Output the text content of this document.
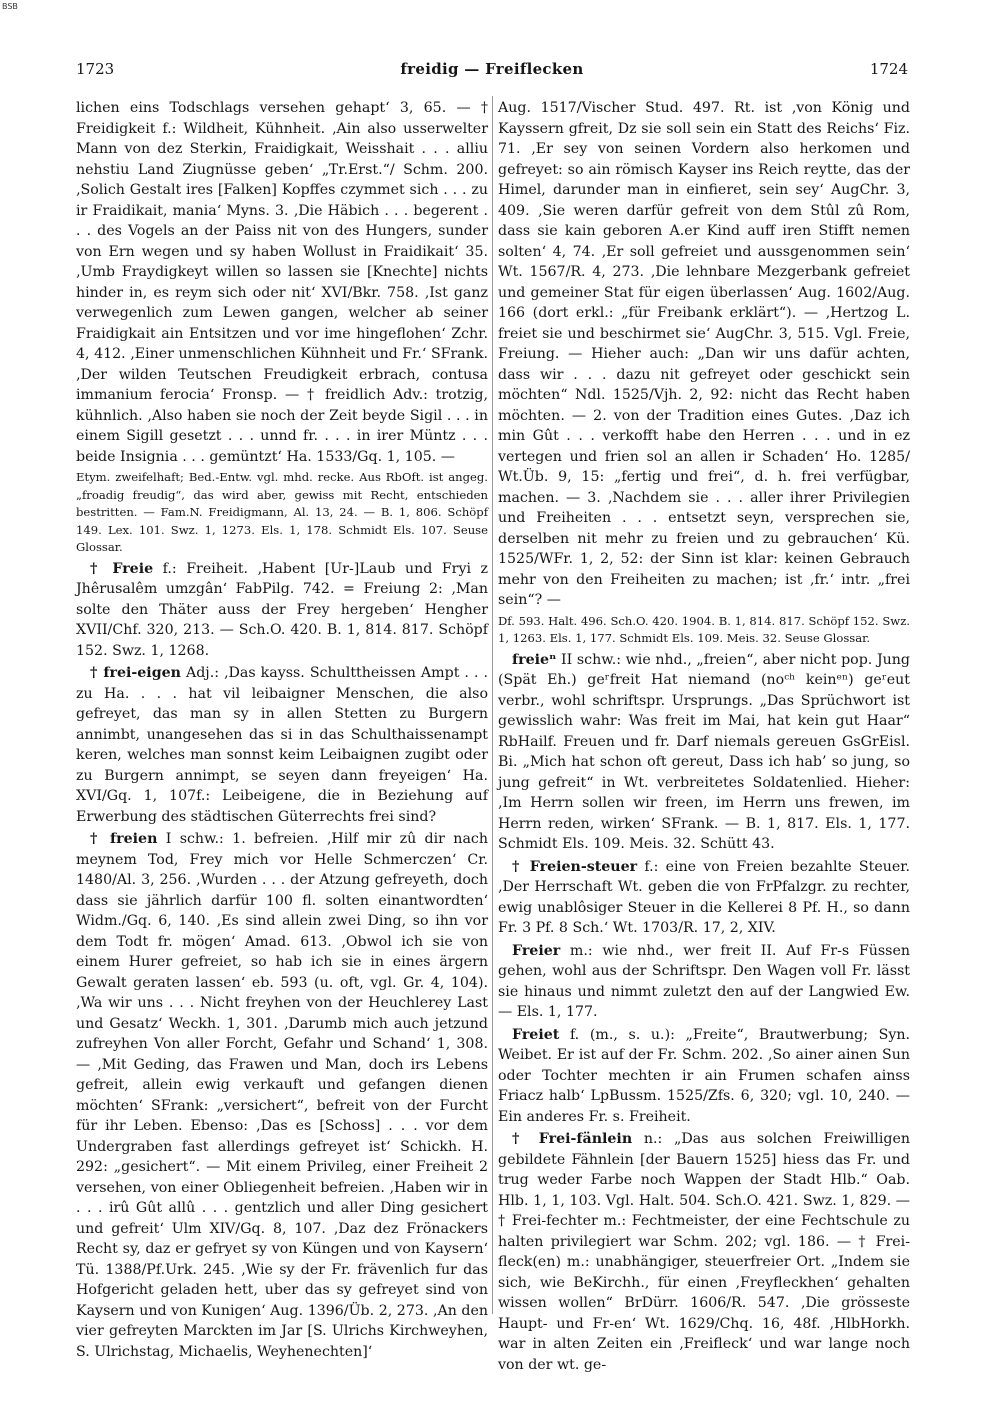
BSB
1723	freidig — Freiflecken	1724

lichen eins Todschlags versehen gehapt‘ 3, 65. — † Freidigkeit f.: Wildheit, Kühnheit. ‚Ain also usserwelter Mann von dez Sterkin, Fraidigkait, Weisshait . . . alliu nehstiu Land Ziugnüsse geben‘ „Tr.Erst.“/ Schm. 200. ‚Solich Gestalt ires [Falken] Kopffes czymmet sich . . . zu ir Fraidikait, mania‘ Myns. 3. ‚Die Häbich . . . begerent . . . des Vogels an der Paiss nit von des Hungers, sunder von Ern wegen und sy haben Wollust in Fraidikait‘ 35. ‚Umb Fraydigkeyt willen so lassen sie [Knechte] nichts hinder in, es reym sich oder nit‘ XVI/Bkr. 758. ‚Ist ganz verwegenlich zum Lewen gangen, welcher ab seiner Fraidigkait ain Entsitzen und vor ime hingeflohen‘ Zchr. 4, 412. ‚Einer unmenschlichen Kühnheit und Fr.‘ SFrank. ‚Der wilden Teutschen Freudigkeit erbrach, contusa immanium ferocia‘ Fronsp. — † freidlich Adv.: trotzig, kühnlich. ‚Also haben sie noch der Zeit beyde Sigil . . . in einem Sigill gesetzt . . . unnd fr. . . . in irer Müntz . . . beide Insignia . . . gemüntzt‘ Ha. 1533/Gq. 1, 105. —

Etym. zweifelhaft; Bed.-Entw. vgl. mhd. recke. Aus RbOft. ist angeg. „froadig freudig“, das wird aber, gewiss mit Recht, entschieden bestritten. — Fam.N. Freidigmann, Al. 13, 24. — B. 1, 806. Schöpf 149. Lex. 101. Swz. 1, 1273. Els. 1, 178. Schmidt Els. 107. Seuse Glossar.

† Freie f.: Freiheit. ‚Habent [Ur-]Laub und Fryi z Jhêrusalêm umzgân‘ FabPilg. 742. = Freiung 2: ‚Man solte den Thäter auss der Frey hergeben‘ Hengher XVII/Chf. 320, 213. — Sch.O. 420. B. 1, 814. 817. Schöpf 152. Swz. 1, 1268.

† frei-eigen Adj.: ‚Das kayss. Schulttheissen Ampt . . . zu Ha. . . . hat vil leibaigner Menschen, die also gefreyet, das man sy in allen Stetten zu Burgern annimbt, unangesehen das si in das Schulthaissenampt keren, welches man sonnst keim Leibaignen zugibt oder zu Burgern annimpt, se seyen dann freyeigen‘ Ha. XVI/Gq. 1, 107f.: Leibeigene, die in Beziehung auf Erwerbung des städtischen Güterrechts frei sind?

† freien I schw.: 1. befreien. ‚Hilf mir zû dir nach meynem Tod, Frey mich vor Helle Schmerczen‘ Cr. 1480/Al. 3, 256. ‚Wurden . . . der Atzung gefreyeth, doch dass sie jährlich darfür 100 fl. solten einantwordten‘ Widm./Gq. 6, 140. ‚Es sind allein zwei Ding, so ihn vor dem Todt fr. mögen‘ Amad. 613. ‚Obwol ich sie von einem Hurer gefreiet, so hab ich sie in eines ärgern Gewalt geraten lassen‘ eb. 593 (u. oft, vgl. Gr. 4, 104). ‚Wa wir uns . . . Nicht freyhen von der Heuchlerey Last und Gesatz‘ Weckh. 1, 301. ‚Darumb mich auch jetzund zufreyhen Von aller Forcht, Gefahr und Schand‘ 1, 308. — ‚Mit Geding, das Frawen und Man, doch irs Lebens gefreit, allein ewig verkauft und gefangen dienen möchten‘ SFrank: „versichert“, befreit von der Furcht für ihr Leben. Ebenso: ‚Das es [Schoss] . . . vor dem Undergraben fast allerdings gefreyet ist‘ Schickh. H. 292: „gesichert“. — Mit einem Privileg, einer Freiheit 2 versehen, von einer Obliegenheit befreien. ‚Haben wir in . . . irû Gût allû . . . gentzlich und aller Ding gesichert und gefreit‘ Ulm XIV/Gq. 8, 107. ‚Daz dez Frönackers Recht sy, daz er gefryet sy von Küngen und von Kaysern‘ Tü. 1388/Pf.Urk. 245. ‚Wie sy der Fr. frävenlich fur das Hofgericht geladen hett, uber das sy gefreyet sind von Kaysern und von Kunigen‘ Aug. 1396/Üb. 2, 273. ‚An den vier gefreyten Marckten im Jar [S. Ulrichs Kirchweyhen, S. Ulrichstag, Michaelis, Weyhenechten]‘

Aug. 1517/Vischer Stud. 497. Rt. ist ‚von König und Kayssern gfreit, Dz sie soll sein ein Statt des Reichs‘ Fiz. 71. ‚Er sey von seinen Vordern also herkomen und gefreyet: so ain römisch Kayser ins Reich reytte, das der Himel, darunder man in einfieret, sein sey‘ AugChr. 3, 409. ‚Sie weren darfür gefreit von dem Stûl zû Rom, dass sie kain geboren A.er Kind auff iren Stifft nemen solten‘ 4, 74. ‚Er soll gefreiet und aussgenommen sein‘ Wt. 1567/R. 4, 273. ‚Die lehnbare Mezgerbank gefreiet und gemeiner Stat für eigen überlassen‘ Aug. 1602/Aug. 166 (dort erkl.: „für Freibank erklärt“). — ‚Hertzog L. freiet sie und beschirmet sie‘ AugChr. 3, 515. Vgl. Freie, Freiung. — Hieher auch: „Dan wir uns dafür achten, dass wir . . . dazu nit gefreyet oder geschickt sein möchten“ Ndl. 1525/Vjh. 2, 92: nicht das Recht haben möchten. — 2. von der Tradition eines Gutes. ‚Daz ich min Gût . . . verkofft habe den Herren . . . und in ez vertegen und frien sol an allen ir Schaden‘ Ho. 1285/ Wt.Üb. 9, 15: „fertig und frei“, d. h. frei verfügbar, machen. — 3. ‚Nachdem sie . . . aller ihrer Privilegien und Freiheiten . . . entsetzt seyn, versprechen sie, derselben nit mehr zu freien und zu gebrauchen‘ Kü. 1525/WFr. 1, 2, 52: der Sinn ist klar: keinen Gebrauch mehr von den Freiheiten zu machen; ist ‚fr.‘ intr. „frei sein“? —

Df. 593. Halt. 496. Sch.O. 420. 1904. B. 1, 814. 817. Schöpf 152. Swz. 1, 1263. Els. 1, 177. Schmidt Els. 109. Meis. 32. Seuse Glossar.

freieⁿ II schw.: wie nhd., „freien“, aber nicht pop. Jung (Spät Eh.) geʳfreit Hat niemand (noᶜʰ keinᵉⁿ) geʳeut verbr., wohl schriftspr. Ursprungs. „Das Sprüchwort ist gewisslich wahr: Was freit im Mai, hat kein gut Haar“ RbHailf. Freuen und fr. Darf niemals gereuen GsGrEisl. Bi. „Mich hat schon oft gereut, Dass ich hab’ so jung, so jung gefreit“ in Wt. verbreitetes Soldatenlied. Hieher: ‚Im Herrn sollen wir freen, im Herrn uns frewen, im Herrn reden, wirken‘ SFrank. — B. 1, 817. Els. 1, 177. Schmidt Els. 109. Meis. 32. Schütt 43.

† Freien-steuer f.: eine von Freien bezahlte Steuer. ‚Der Herrschaft Wt. geben die von FrPfalzgr. zu rechter, ewig unablôsiger Steuer in die Kellerei 8 Pf. H., so dann Fr. 3 Pf. 8 Sch.‘ Wt. 1703/R. 17, 2, XIV.

Freier m.: wie nhd., wer freit II. Auf Fr-s Füssen gehen, wohl aus der Schriftspr. Den Wagen voll Fr. lässt sie hinaus und nimmt zuletzt den auf der Langwied Ew. — Els. 1, 177.

Freiet f. (m., s. u.): „Freite“, Brautwerbung; Syn. Weibet. Er ist auf der Fr. Schm. 202. ‚So ainer ainen Sun oder Tochter mechten ir ain Frumen schafen ainss Friacz halb‘ LpBussm. 1525/Zfs. 6, 320; vgl. 10, 240. — Ein anderes Fr. s. Freiheit.

† Frei-fänlein n.: „Das aus solchen Freiwilligen gebildete Fähnlein [der Bauern 1525] hiess das Fr. und trug weder Farbe noch Wappen der Stadt Hlb.“ Oab. Hlb. 1, 1, 103. Vgl. Halt. 504. Sch.O. 421. Swz. 1, 829. — † Frei-fechter m.: Fechtmeister, der eine Fechtschule zu halten privilegiert war Schm. 202; vgl. 186. — † Frei-fleck(en) m.: unabhängiger, steuerfreier Ort. „Indem sie sich, wie BeKirchh., für einen ‚Freyfleckhen‘ gehalten wissen wollen“ BrDürr. 1606/R. 547. ‚Die grösseste Haupt- und Fr-en‘ Wt. 1629/Chq. 16, 48f. ‚HlbHorkh. war in alten Zeiten ein ‚Freifleck‘ und war lange noch von der wt. ge-
